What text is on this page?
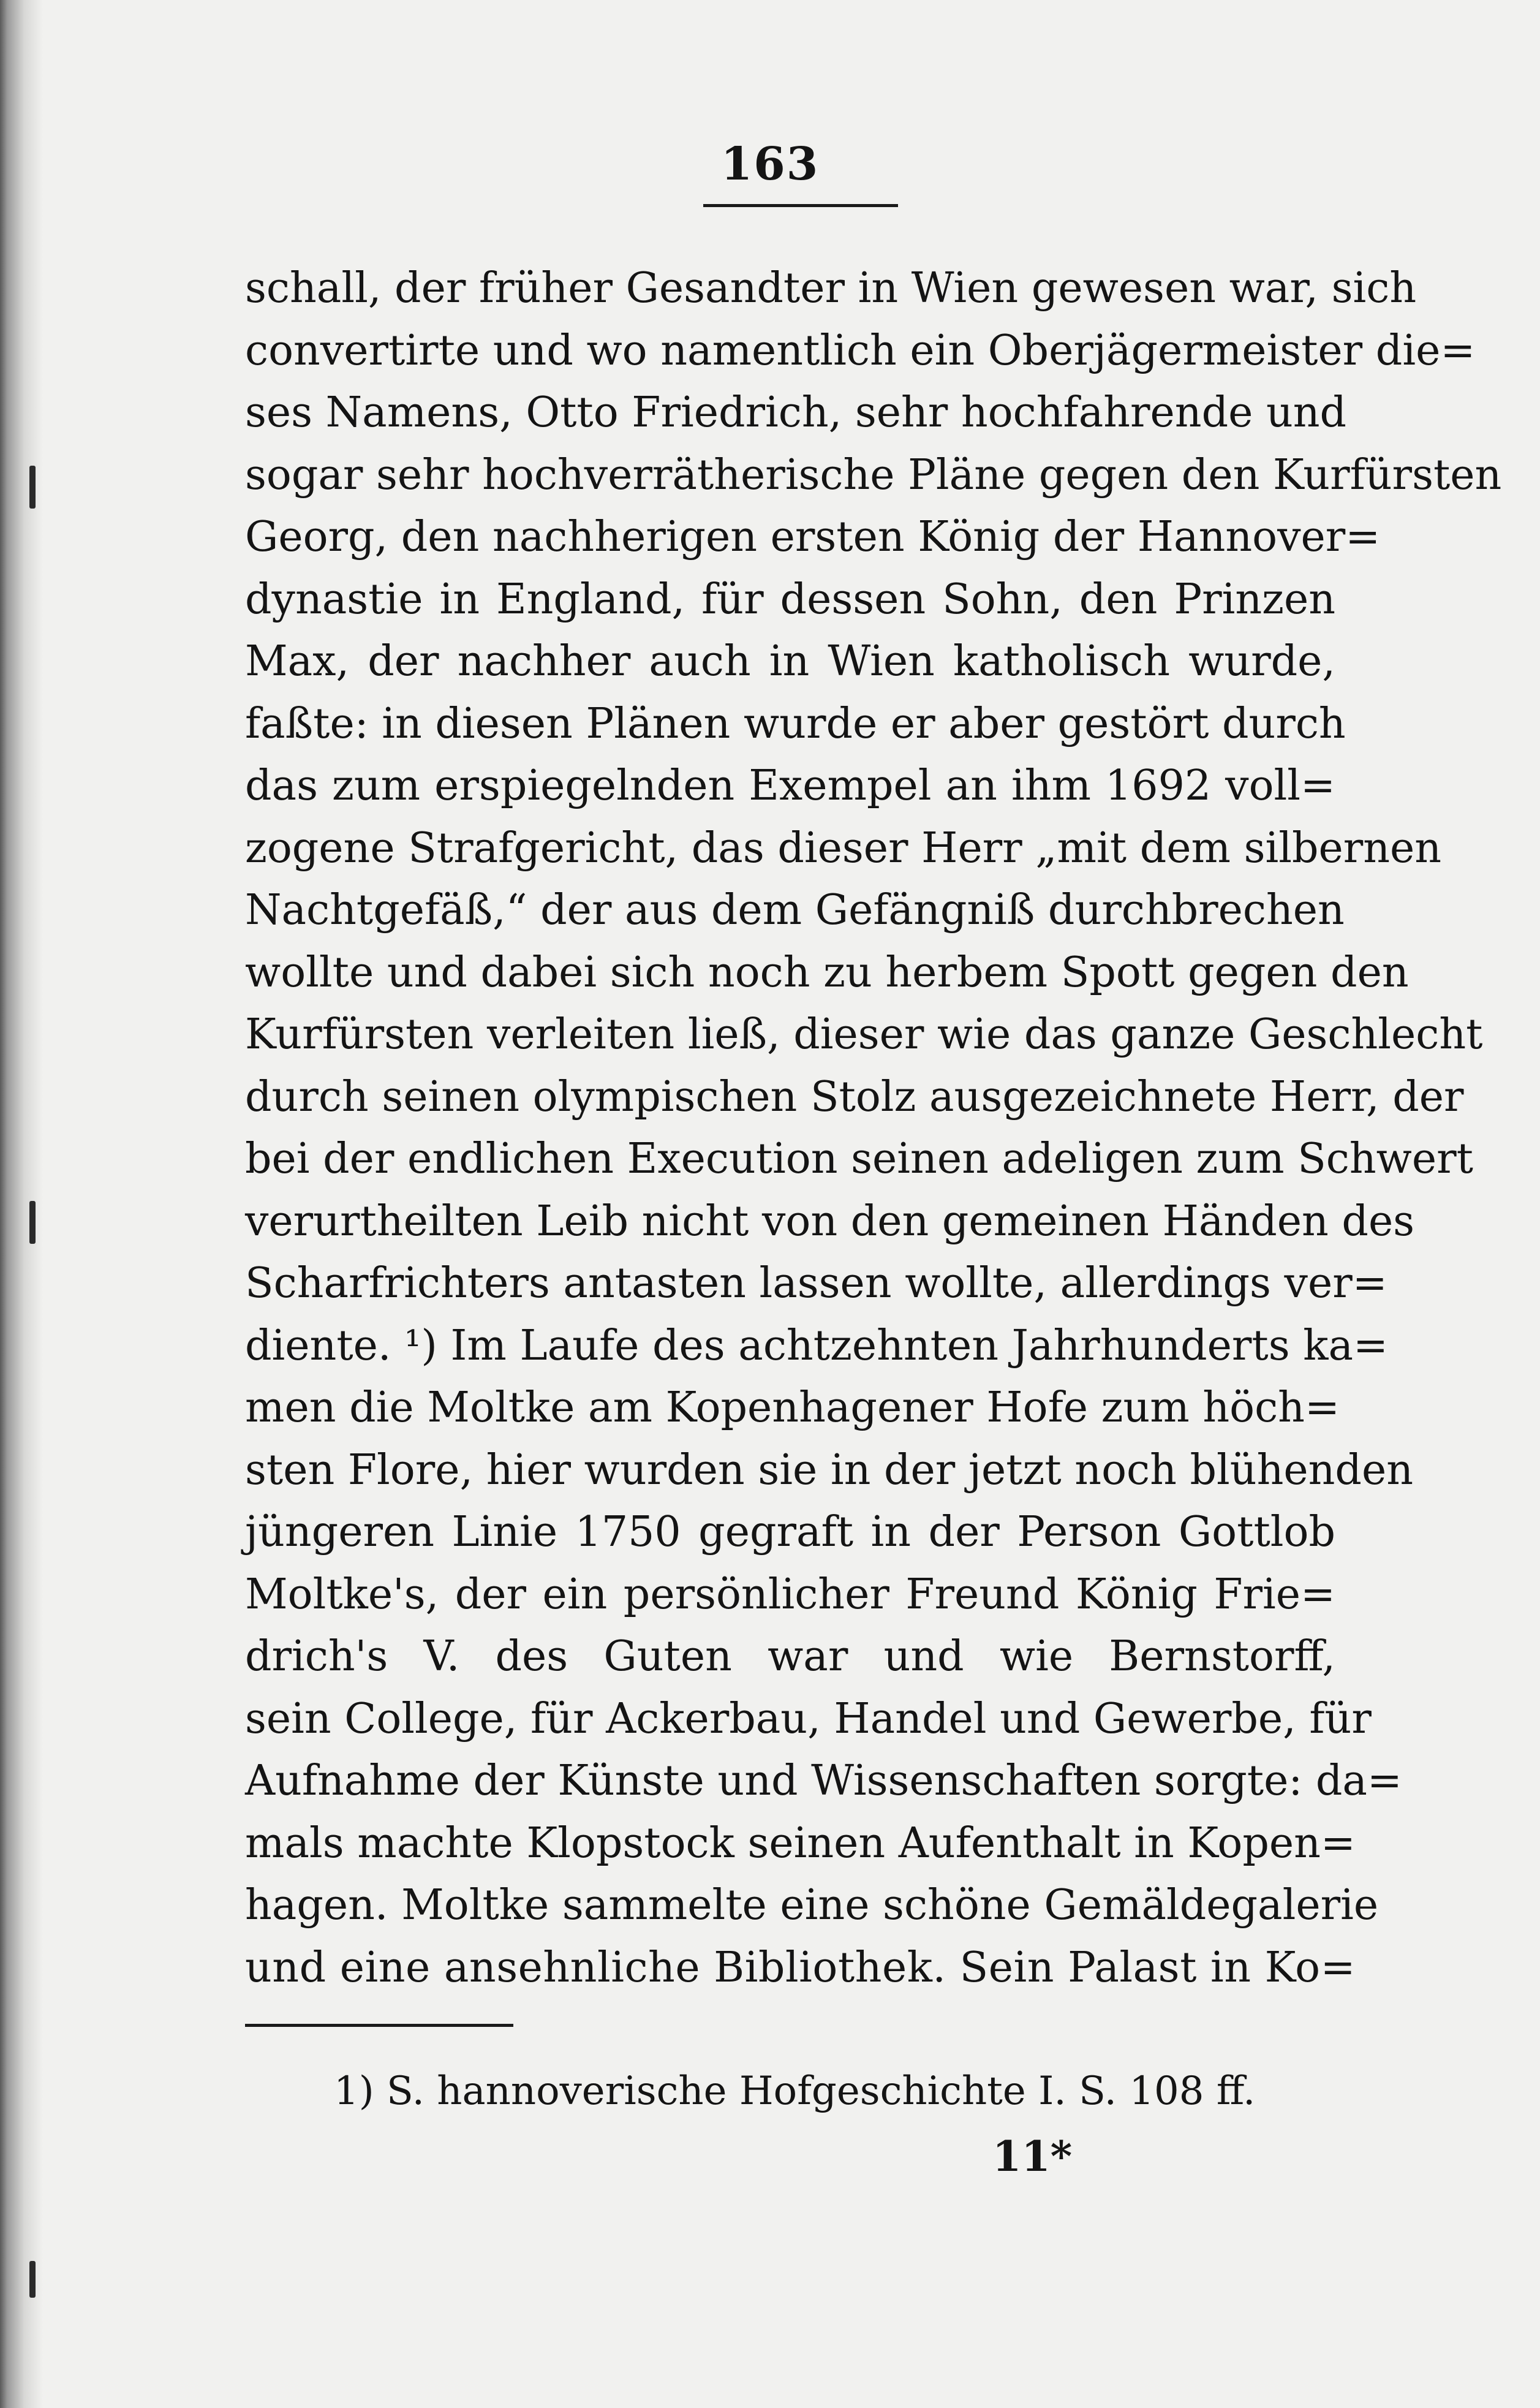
163
schall, der früher Gesandter in Wien gewesen war, sich
convertirte und wo namentlich ein Oberjägermeister die=
ses Namens, Otto Friedrich, sehr hochfahrende und
sogar sehr hochverrätherische Pläne gegen den Kurfürsten
Georg, den nachherigen ersten König der Hannover=
dynastie in England, für dessen Sohn, den Prinzen
Max, der nachher auch in Wien katholisch wurde,
faßte: in diesen Plänen wurde er aber gestört durch
das zum erspiegelnden Exempel an ihm 1692 voll=
zogene Strafgericht, das dieser Herr „mit dem silbernen
Nachtgefäß,“ der aus dem Gefängniß durchbrechen
wollte und dabei sich noch zu herbem Spott gegen den
Kurfürsten verleiten ließ, dieser wie das ganze Geschlecht
durch seinen olympischen Stolz ausgezeichnete Herr, der
bei der endlichen Execution seinen adeligen zum Schwert
verurtheilten Leib nicht von den gemeinen Händen des
Scharfrichters antasten lassen wollte, allerdings ver=
diente. ¹) Im Laufe des achtzehnten Jahrhunderts ka=
men die Moltke am Kopenhagener Hofe zum höch=
sten Flore, hier wurden sie in der jetzt noch blühenden
jüngeren Linie 1750 gegraft in der Person Gottlob
Moltke's, der ein persönlicher Freund König Frie=
drich's V. des Guten war und wie Bernstorff,
sein College, für Ackerbau, Handel und Gewerbe, für
Aufnahme der Künste und Wissenschaften sorgte: da=
mals machte Klopstock seinen Aufenthalt in Kopen=
hagen. Moltke sammelte eine schöne Gemäldegalerie
und eine ansehnliche Bibliothek. Sein Palast in Ko=
1) S. hannoverische Hofgeschichte I. S. 108 ff.
11*
